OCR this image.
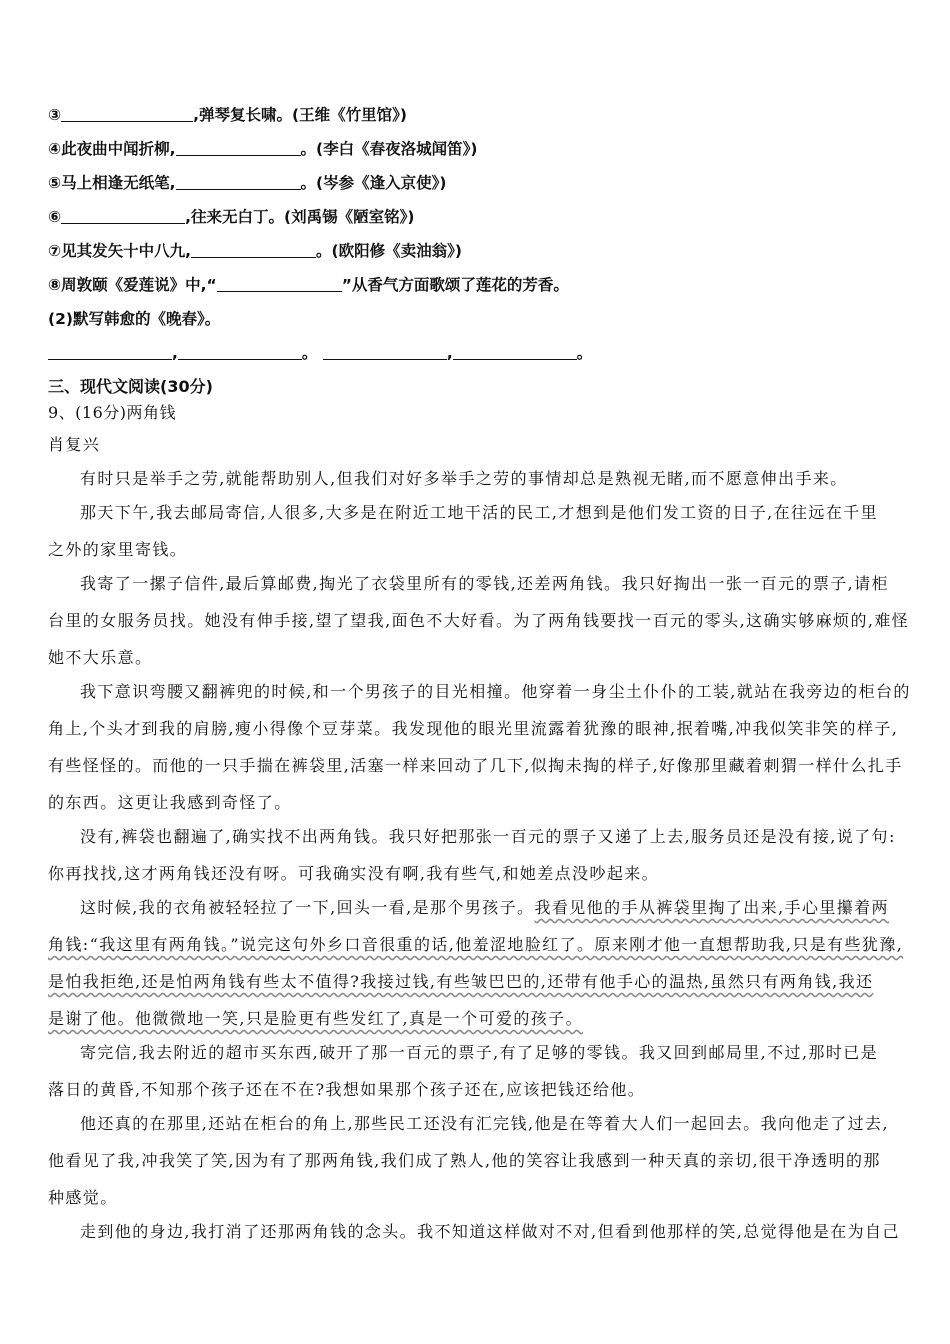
③	,弹琴复长啸。(王维《竹里馆》)
④此夜曲中闻折柳,	。(李白《春夜洛城闻笛》)
⑤马上相逢无纸笔,	。(岑参《逢入京使》)
⑥	,往来无白丁。(刘禹锡《陋室铭》)
⑦见其发矢十中八九,	。(欧阳修《卖油翁》)
⑧周敦颐《爱莲说》中,“	”从香气方面歌颂了莲花的芳香。
(2)默写韩愈的《晚春》。
,	。	,	。
三、现代文阅读(30分)
9、(16分)两角钱
肖复兴
有时只是举手之劳,就能帮助别人,但我们对好多举手之劳的事情却总是熟视无睹,而不愿意伸出手来。
那天下午,我去邮局寄信,人很多,大多是在附近工地干活的民工,才想到是他们发工资的日子,在往远在千里
之外的家里寄钱。
我寄了一摞子信件,最后算邮费,掏光了衣袋里所有的零钱,还差两角钱。我只好掏出一张一百元的票子,请柜
台里的女服务员找。她没有伸手接,望了望我,面色不大好看。为了两角钱要找一百元的零头,这确实够麻烦的,难怪
她不大乐意。
我下意识弯腰又翻裤兜的时候,和一个男孩子的目光相撞。他穿着一身尘土仆仆的工装,就站在我旁边的柜台的
角上,个头才到我的肩膀,瘦小得像个豆芽菜。我发现他的眼光里流露着犹豫的眼神,抿着嘴,冲我似笑非笑的样子,
有些怪怪的。而他的一只手揣在裤袋里,活塞一样来回动了几下,似掏未掏的样子,好像那里藏着刺猬一样什么扎手
的东西。这更让我感到奇怪了。
没有,裤袋也翻遍了,确实找不出两角钱。我只好把那张一百元的票子又递了上去,服务员还是没有接,说了句:
你再找找,这才两角钱还没有呀。可我确实没有啊,我有些气,和她差点没吵起来。
这时候,我的衣角被轻轻拉了一下,回头一看,是那个男孩子。我看见他的手从裤袋里掏了出来,手心里攥着两
角钱:“我这里有两角钱。”说完这句外乡口音很重的话,他羞涩地脸红了。原来刚才他一直想帮助我,只是有些犹豫,
是怕我拒绝,还是怕两角钱有些太不值得?我接过钱,有些皱巴巴的,还带有他手心的温热,虽然只有两角钱,我还
是谢了他。他微微地一笑,只是脸更有些发红了,真是一个可爱的孩子。
寄完信,我去附近的超市买东西,破开了那一百元的票子,有了足够的零钱。我又回到邮局里,不过,那时已是
落日的黄昏,不知那个孩子还在不在?我想如果那个孩子还在,应该把钱还给他。
他还真的在那里,还站在柜台的角上,那些民工还没有汇完钱,他是在等着大人们一起回去。我向他走了过去,
他看见了我,冲我笑了笑,因为有了那两角钱,我们成了熟人,他的笑容让我感到一种天真的亲切,很干净透明的那
种感觉。
走到他的身边,我打消了还那两角钱的念头。我不知道这样做对不对,但看到他那样的笑,总觉得他是在为自己
